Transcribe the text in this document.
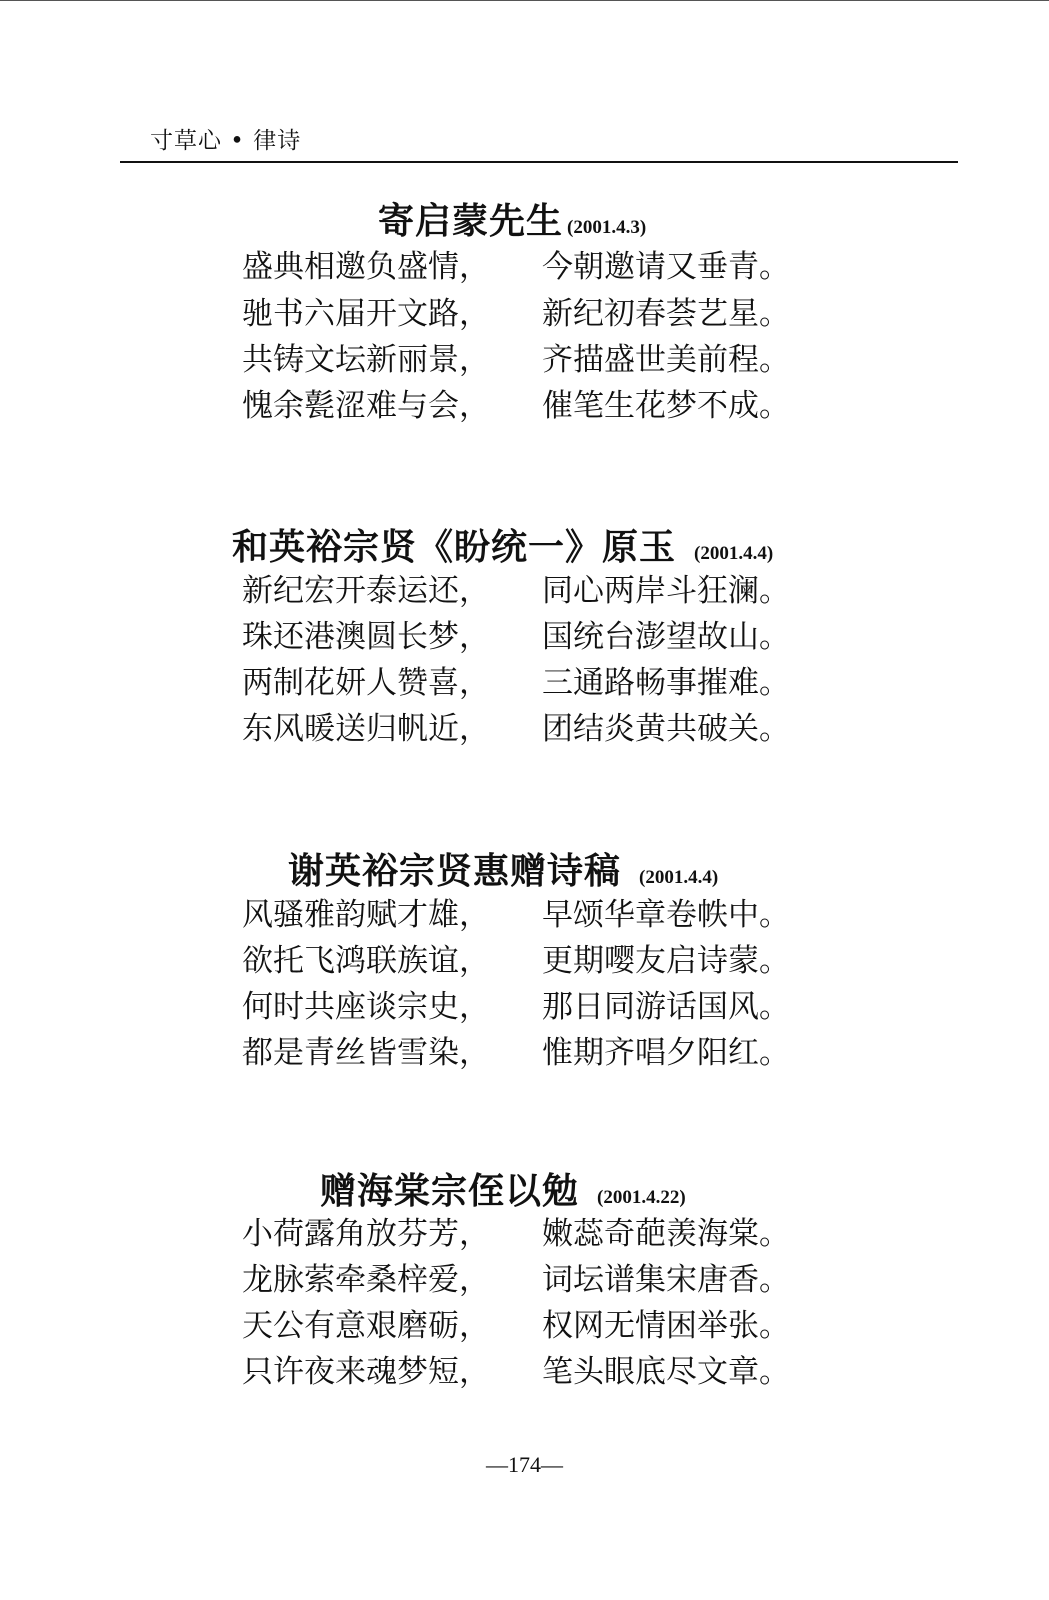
寸草心 • 律诗
寄启蒙先生 (2001.4.3)
盛典相邀负盛情， 今朝邀请又垂青。
驰书六届开文路， 新纪初春荟艺星。
共铸文坛新丽景， 齐描盛世美前程。
愧余甏涩难与会， 催笔生花梦不成。
和英裕宗贤《盼统一》原玉 (2001.4.4)
新纪宏开泰运还， 同心两岸斗狂澜。
珠还港澳圆长梦， 国统台澎望故山。
两制花妍人赞喜， 三通路畅事摧难。
东风暖送归帆近， 团结炎黄共破关。
谢英裕宗贤惠赠诗稿 (2001.4.4)
风骚雅韵赋才雄， 早颂华章卷帙中。
欲托飞鸿联族谊， 更期嘤友启诗蒙。
何时共座谈宗史， 那日同游话国风。
都是青丝皆雪染， 惟期齐唱夕阳红。
赠海棠宗侄以勉 (2001.4.22)
小荷露角放芬芳， 嫩蕊奇葩羡海棠。
龙脉萦牵桑梓爱， 词坛谱集宋唐香。
天公有意艰磨砺， 权网无情困举张。
只许夜来魂梦短， 笔头眼底尽文章。
—174—
